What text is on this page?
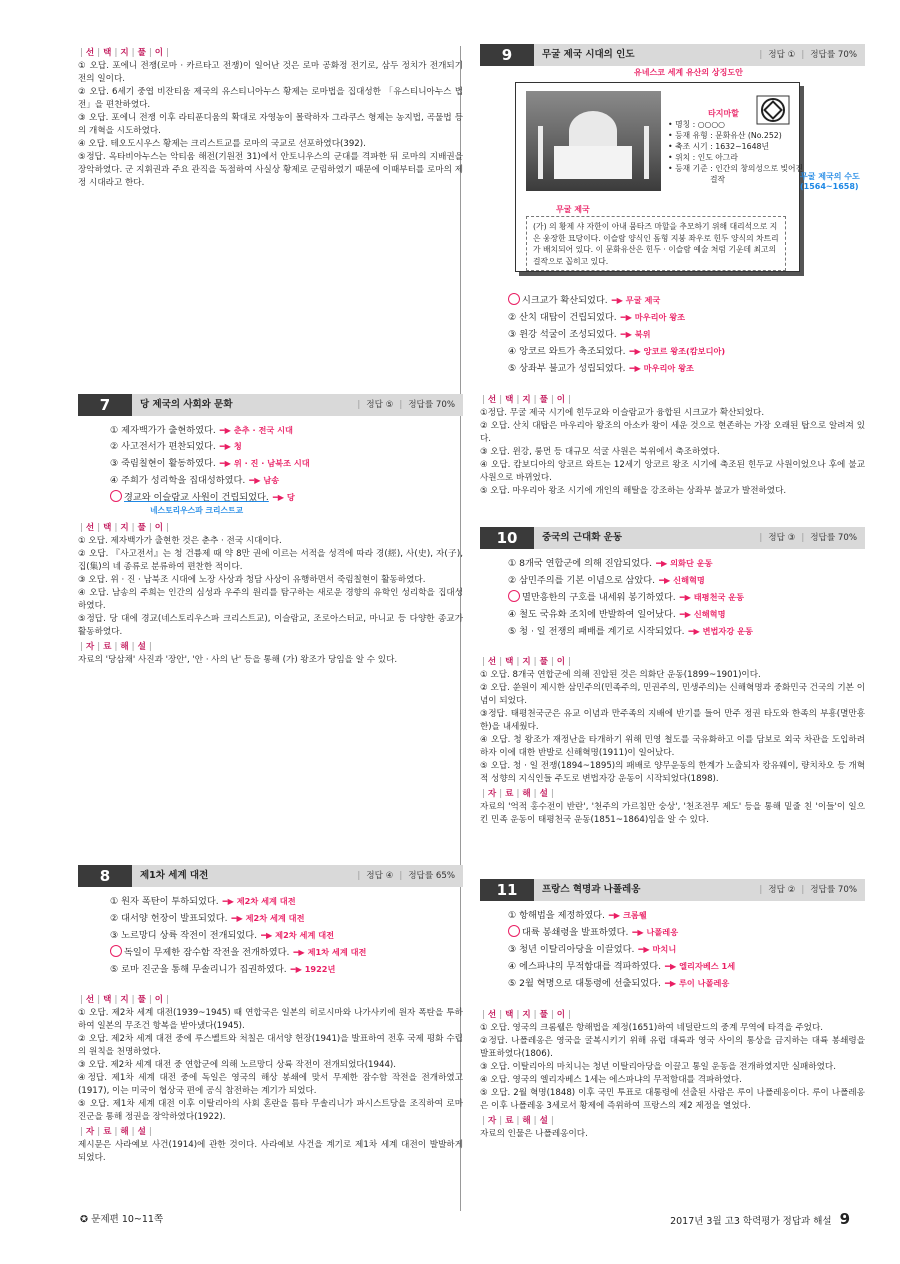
| 선 | 택 | 지 | 풀 | 이 |
① 오답. 포에니 전쟁(로마 · 카르타고 전쟁)이 일어난 것은 로마 공화정 전기로, 삼두 정치가 전개되기 전의 일이다.
② 오답. 6세기 중엽 비잔티움 제국의 유스티니아누스 황제는 로마법을 집대성한 「유스티니아누스 법전」을 편찬하였다.
③ 오답. 포에니 전쟁 이후 라티푼디움의 확대로 자영농이 몰락하자 그라쿠스 형제는 농지법, 곡물법 등의 개혁을 시도하였다.
④ 오답. 테오도시우스 황제는 크리스트교를 로마의 국교로 선포하였다(392).
⑤정답. 옥타비아누스는 악티움 해전(기원전 31)에서 안토니우스의 군대를 격파한 뒤 로마의 지배권을 장악하였다. 군 지휘권과 주요 관직을 독점하여 사실상 황제로 군림하였기 때문에 이때부터를 로마의 제정 시대라고 한다.
7	당 제국의 사회와 문화	| 정답 ⑤ | 정답률 70%
① 제자백가가 출현하였다. ━▶ 춘추 · 전국 시대
② 사고전서가 편찬되었다. ━▶ 청
③ 죽림칠현이 활동하였다. ━▶ 위 · 진 · 남북조 시대
④ 주희가 성리학을 집대성하였다. ━▶ 남송
경교와 이슬람교 사원이 건립되었다. ━▶ 당
네스토리우스파 크리스트교
| 선 | 택 | 지 | 풀 | 이 |
① 오답. 제자백가가 출현한 것은 춘추 · 전국 시대이다.
② 오답. 『사고전서』는 청 건륭제 때 약 8만 권에 이르는 서적을 성격에 따라 경(經), 사(史), 자(子), 집(集)의 네 종류로 분류하여 편찬한 적이다.
③ 오답. 위 · 진 · 남북조 시대에 노장 사상과 청담 사상이 유행하면서 죽림칠현이 활동하였다.
④ 오답. 남송의 주희는 인간의 심성과 우주의 원리를 탐구하는 새로운 경향의 유학인 성리학을 집대성하였다.
⑤정답. 당 대에 경교(네스토리우스파 크리스트교), 이슬람교, 조로아스터교, 마니교 등 다양한 종교가 활동하였다.
| 자 | 료 | 해 | 설 |
자료의 '당삼채' 사진과 '장안', '안 · 사의 난' 등을 통해 (가) 왕조가 당임을 알 수 있다.
8	제1차 세계 대전	| 정답 ④ | 정답률 65%
① 원자 폭탄이 투하되었다. ━▶ 제2차 세계 대전
② 대서양 헌장이 발표되었다. ━▶ 제2차 세계 대전
③ 노르망디 상륙 작전이 전개되었다. ━▶ 제2차 세계 대전
독일이 무제한 잠수함 작전을 전개하였다. ━▶ 제1차 세계 대전
⑤ 로마 진군을 통해 무솔리니가 집권하였다. ━▶ 1922년
| 선 | 택 | 지 | 풀 | 이 |
① 오답. 제2차 세계 대전(1939~1945) 때 연합국은 일본의 히로시마와 나가사키에 원자 폭탄을 투하하여 일본의 무조건 항복을 받아냈다(1945).
② 오답. 제2차 세계 대전 중에 루스벨트와 처칠은 대서양 헌장(1941)을 발표하여 전후 국제 평화 수립의 원칙을 천명하였다.
③ 오답. 제2차 세계 대전 중 연합군에 의해 노르망디 상륙 작전이 전개되었다(1944).
④정답. 제1차 세계 대전 중에 독일은 영국의 해상 봉쇄에 맞서 무제한 잠수함 작전을 전개하였고(1917), 이는 미국이 협상국 편에 공식 참전하는 계기가 되었다.
⑤ 오답. 제1차 세계 대전 이후 이탈리아의 사회 혼란을 틈타 무솔리니가 파시스트당을 조직하여 로마 진군을 통해 정권을 장악하였다(1922).
| 자 | 료 | 해 | 설 |
제시문은 사라예보 사건(1914)에 관한 것이다. 사라예보 사건을 계기로 제1차 세계 대전이 발발하게 되었다.
9	무굴 제국 시대의 인도	| 정답 ① | 정답률 70%
유네스코 세계 유산의 상징도안
타지마할
• 명칭 : ○○○○
• 등재 유형 : 문화유산 (No.252)
• 축조 시기 : 1632~1648년
• 위치 : 인도 아그라
• 등재 기준 : 인간의 창의성으로 빚어진
걸작
무굴 제국
(가) 의 황제 샤 자한이 아내 뭄타즈 마할을 추모하기 위해 대리석으로 지은 웅장한 묘당이다. 이슬람 양식인 돔형 지붕 좌우로 힌두 양식의 차트리가 배치되어 있다. 이 문화유산은 힌두 · 이슬람 예술 처럼 기운데 최고의 걸작으로 꼽히고 있다.
무굴 제국의 수도
(1564~1658)
시크교가 확산되었다. ━▶ 무굴 제국
② 산치 대탑이 건립되었다. ━▶ 마우리아 왕조
③ 윈강 석굴이 조성되었다. ━▶ 북위
④ 앙코르 와트가 축조되었다. ━▶ 앙코르 왕조(캄보디아)
⑤ 상좌부 불교가 성립되었다. ━▶ 마우리아 왕조
| 선 | 택 | 지 | 풀 | 이 |
①정답. 무굴 제국 시기에 힌두교와 이슬람교가 융합된 시크교가 확산되었다.
② 오답. 산치 대탑은 마우리아 왕조의 아소카 왕이 세운 것으로 현존하는 가장 오래된 탑으로 알려져 있다.
③ 오답. 윈강, 룽먼 등 대규모 석굴 사원은 북위에서 축조하였다.
④ 오답. 캄보디아의 앙코르 와트는 12세기 앙코르 왕조 시기에 축조된 힌두교 사원이었으나 후에 불교 사원으로 바뀌었다.
⑤ 오답. 마우리아 왕조 시기에 개인의 해탈을 강조하는 상좌부 불교가 발전하였다.
10	중국의 근대화 운동	| 정답 ③ | 정답률 70%
① 8개국 연합군에 의해 진압되었다. ━▶ 의화단 운동
② 삼민주의를 기본 이념으로 삼았다. ━▶ 신해혁명
멸만흥한의 구호를 내세워 봉기하였다. ━▶ 태평천국 운동
④ 철도 국유화 조치에 반발하여 일어났다. ━▶ 신해혁명
⑤ 청 · 일 전쟁의 패배를 계기로 시작되었다. ━▶ 변법자강 운동
| 선 | 택 | 지 | 풀 | 이 |
① 오답. 8개국 연합군에 의해 진압된 것은 의화단 운동(1899~1901)이다.
② 오답. 쑨원이 제시한 삼민주의(민족주의, 민권주의, 민생주의)는 신해혁명과 중화민국 건국의 기본 이념이 되었다.
③정답. 태평천국군은 유교 이념과 만주족의 지배에 반기를 들어 만주 정권 타도와 한족의 부흥(멸만흥한)을 내세웠다.
④ 오답. 청 왕조가 재정난을 타개하기 위해 민영 철도를 국유화하고 이를 담보로 외국 차관을 도입하려 하자 이에 대한 반발로 신해혁명(1911)이 일어났다.
⑤ 오답. 청 · 일 전쟁(1894~1895)의 패배로 양무운동의 한계가 노출되자 캉유웨이, 량치차오 등 개혁적 성향의 지식인들 주도로 변법자강 운동이 시작되었다(1898).
| 자 | 료 | 해 | 설 |
자료의 '억적 홍수전이 반란', '천주의 가르침만 숭상', '천조전무 제도' 등을 통해 밑줄 친 '이들'이 일으킨 민족 운동이 태평천국 운동(1851~1864)임을 알 수 있다.
11	프랑스 혁명과 나폴레옹	| 정답 ② | 정답률 70%
① 항해법을 제정하였다. ━▶ 크롬웰
대륙 봉쇄령을 발표하였다. ━▶ 나폴레옹
③ 청년 이탈리아당을 이끌었다. ━▶ 마치니
④ 에스파냐의 무적함대를 격파하였다. ━▶ 엘리자베스 1세
⑤ 2월 혁명으로 대통령에 선출되었다. ━▶ 루이 나폴레옹
| 선 | 택 | 지 | 풀 | 이 |
① 오답. 영국의 크롬웰은 항해법을 제정(1651)하여 네덜란드의 중계 무역에 타격을 주었다.
②정답. 나폴레옹은 영국을 굴복시키기 위해 유럽 대륙과 영국 사이의 통상을 금지하는 대륙 봉쇄령을 발표하였다(1806).
③ 오답. 이탈리아의 마치니는 청년 이탈리아당을 이끌고 통일 운동을 전개하였지만 실패하였다.
④ 오답. 영국의 엘리자베스 1세는 에스파냐의 무적함대를 격파하였다.
⑤ 오답. 2월 혁명(1848) 이후 국민 투표로 대통령에 선출된 사람은 루이 나폴레옹이다. 루이 나폴레옹은 이후 나폴레옹 3세로서 황제에 즉위하여 프랑스의 제2 제정을 열었다.
| 자 | 료 | 해 | 설 |
자료의 인물은 나폴레옹이다.
✪ 문제편 10~11쪽	2017년 3월 고3 학력평가 정답과 해설 9
